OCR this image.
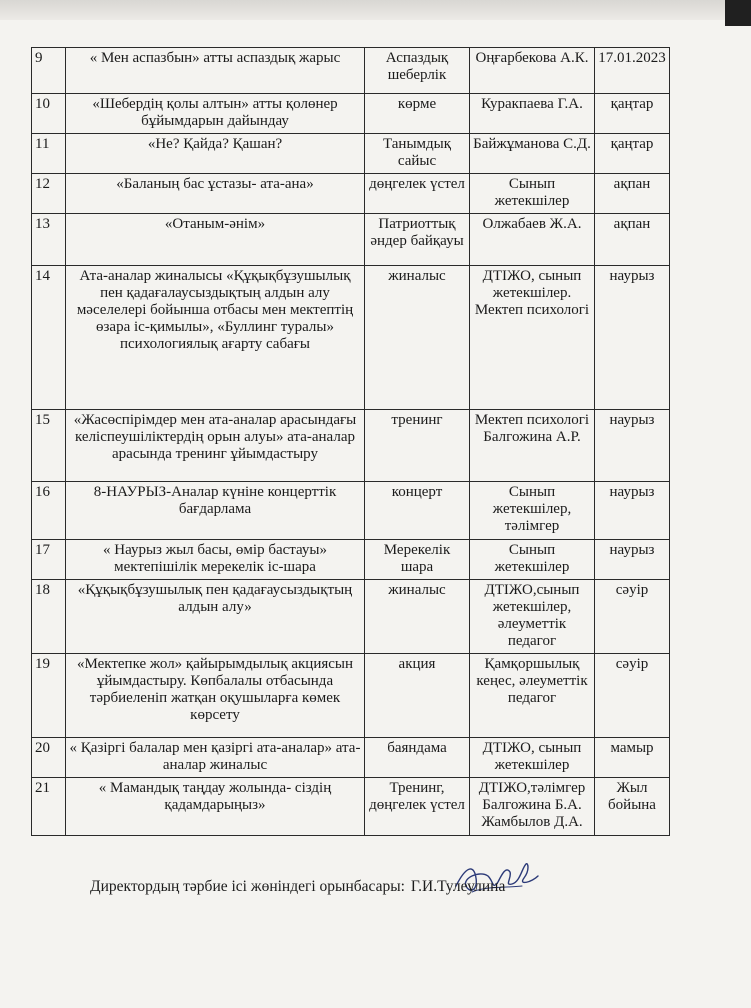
9	« Мен аспазбын» атты аспаздық жарыс	Аспаздық шеберлік	Оңғарбекова А.К.	17.01.2023
10	«Шебердің қолы алтын» атты қолөнер бұйымдарын дайындау	көрме	Куракпаева Г.А.	қаңтар
11	«Не? Қайда? Қашан?	Танымдық сайыс	Байжұманова С.Д.	қаңтар
12	«Баланың бас ұстазы- ата-ана»	дөңгелек үстел	Сынып жетекшілер	ақпан
13	«Отаным-әнім»	Патриоттық әндер байқауы	Олжабаев Ж.А.	ақпан
14	Ата-аналар жиналысы «Құқықбұзушылық пен қадағалаусыздықтың алдын алу мәселелері бойынша отбасы мен мектептің өзара іс-қимылы», «Буллинг туралы» психологиялық ағарту сабағы	жиналыс	ДТІЖО, сынып жетекшілер. Мектеп психологі	наурыз
15	«Жасөспірімдер мен ата-аналар арасындағы келіспеушіліктердің орын алуы» ата-аналар арасында тренинг ұйымдастыру	тренинг	Мектеп психологі Балгожина А.Р.	наурыз
16	8-НАУРЫЗ-Аналар күніне концерттік бағдарлама	концерт	Сынып жетекшілер, тәлімгер	наурыз
17	« Наурыз жыл басы, өмір бастауы» мектепішілік мерекелік іс-шара	Мерекелік шара	Сынып жетекшілер	наурыз
18	«Құқықбұзушылық пен қадағаусыздықтың алдын алу»	жиналыс	ДТІЖО,сынып жетекшілер, әлеуметтік педагог	сәуір
19	«Мектепке жол» қайырымдылық акциясын ұйымдастыру. Көпбалалы отбасында тәрбиеленіп жатқан оқушыларға көмек көрсету	акция	Қамқоршылық кеңес, әлеуметтік педагог	сәуір
20	« Қазіргі балалар мен қазіргі ата-аналар» ата-аналар жиналыс	баяндама	ДТІЖО, сынып жетекшілер	мамыр
21	« Мамандық таңдау жолында- сіздің қадамдарыңыз»	Тренинг, дөңгелек үстел	ДТІЖО,тәлімгер Балгожина Б.А. Жамбылов Д.А.	Жыл бойына
Директордың тәрбие ісі жөніндегі орынбасары: Г.И.Тулеулина
